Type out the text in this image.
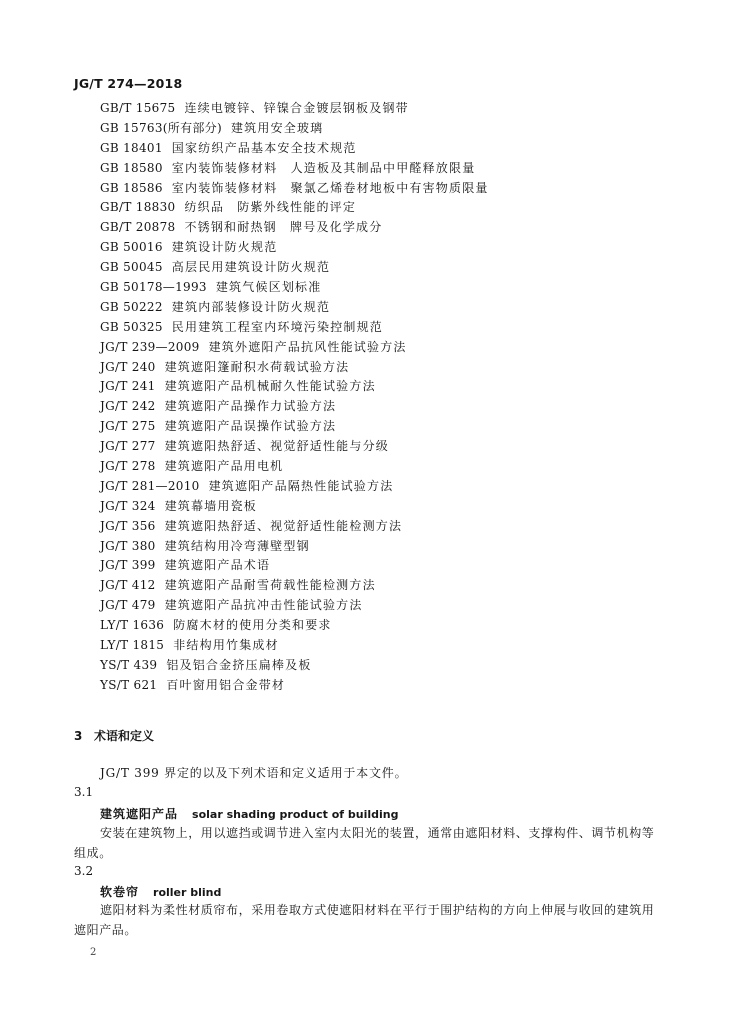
JG/T 274—2018
GB/T 15675 连续电镀锌、锌镍合金镀层钢板及钢带
GB 15763(所有部分) 建筑用安全玻璃
GB 18401 国家纺织产品基本安全技术规范
GB 18580 室内装饰装修材料　人造板及其制品中甲醛释放限量
GB 18586 室内装饰装修材料　聚氯乙烯卷材地板中有害物质限量
GB/T 18830 纺织品　防紫外线性能的评定
GB/T 20878 不锈钢和耐热钢　牌号及化学成分
GB 50016 建筑设计防火规范
GB 50045 高层民用建筑设计防火规范
GB 50178—1993 建筑气候区划标准
GB 50222 建筑内部装修设计防火规范
GB 50325 民用建筑工程室内环境污染控制规范
JG/T 239—2009 建筑外遮阳产品抗风性能试验方法
JG/T 240 建筑遮阳篷耐积水荷载试验方法
JG/T 241 建筑遮阳产品机械耐久性能试验方法
JG/T 242 建筑遮阳产品操作力试验方法
JG/T 275 建筑遮阳产品误操作试验方法
JG/T 277 建筑遮阳热舒适、视觉舒适性能与分级
JG/T 278 建筑遮阳产品用电机
JG/T 281—2010 建筑遮阳产品隔热性能试验方法
JG/T 324 建筑幕墙用瓷板
JG/T 356 建筑遮阳热舒适、视觉舒适性能检测方法
JG/T 380 建筑结构用冷弯薄壁型钢
JG/T 399 建筑遮阳产品术语
JG/T 412 建筑遮阳产品耐雪荷载性能检测方法
JG/T 479 建筑遮阳产品抗冲击性能试验方法
LY/T 1636 防腐木材的使用分类和要求
LY/T 1815 非结构用竹集成材
YS/T 439 铝及铝合金挤压扁棒及板
YS/T 621 百叶窗用铝合金带材
3 术语和定义
JG/T 399 界定的以及下列术语和定义适用于本文件。
3.1
建筑遮阳产品 solar shading product of building
安装在建筑物上，用以遮挡或调节进入室内太阳光的装置，通常由遮阳材料、支撑构件、调节机构等组成。
3.2
软卷帘 roller blind
遮阳材料为柔性材质帘布，采用卷取方式使遮阳材料在平行于围护结构的方向上伸展与收回的建筑用遮阳产品。
2
